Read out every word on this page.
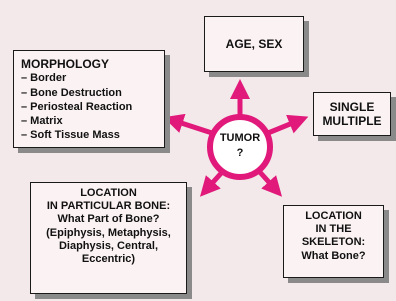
TUMOR
?
AGE, SEX
MORPHOLOGY
– Border
– Bone Destruction
– Periosteal Reaction
– Matrix
– Soft Tissue Mass
SINGLE
MULTIPLE
LOCATION
IN PARTICULAR BONE:
What Part of Bone?
(Epiphysis, Metaphysis,
Diaphysis, Central,
Eccentric)
LOCATION
IN THE
SKELETON:
What Bone?
